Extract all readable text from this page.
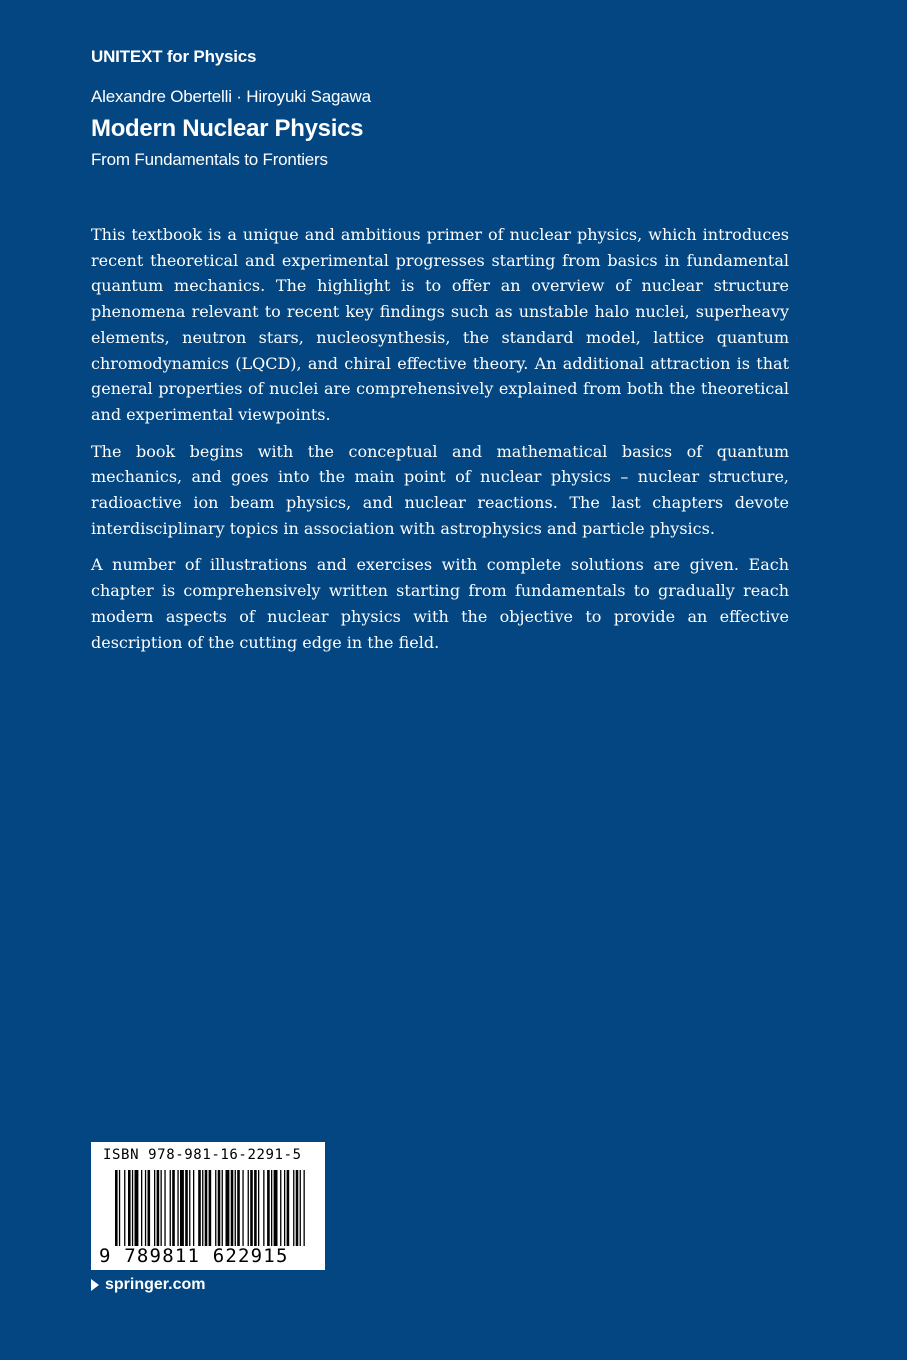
UNITEXT for Physics
Alexandre Obertelli · Hiroyuki Sagawa
Modern Nuclear Physics
From Fundamentals to Frontiers

This textbook is a unique and ambitious primer of nuclear physics, which introduces recent theoretical and experimental progresses starting from basics in fundamental quantum mechanics. The highlight is to offer an overview of nuclear structure phenomena relevant to recent key findings such as unstable halo nuclei, superheavy elements, neutron stars, nucleosynthesis, the standard model, lattice quantum chromodynamics (LQCD), and chiral effective theory. An additional attraction is that general properties of nuclei are comprehensively explained from both the theoretical and experimental viewpoints.

The book begins with the conceptual and mathematical basics of quantum mechanics, and goes into the main point of nuclear physics – nuclear structure, radioactive ion beam physics, and nuclear reactions. The last chapters devote interdisciplinary topics in association with astrophysics and particle physics.

A number of illustrations and exercises with complete solutions are given. Each chapter is comprehensively written starting from fundamentals to gradually reach modern aspects of nuclear physics with the objective to provide an effective description of the cutting edge in the field.

ISBN 978-981-16-2291-5
9 789811 622915
springer.com
